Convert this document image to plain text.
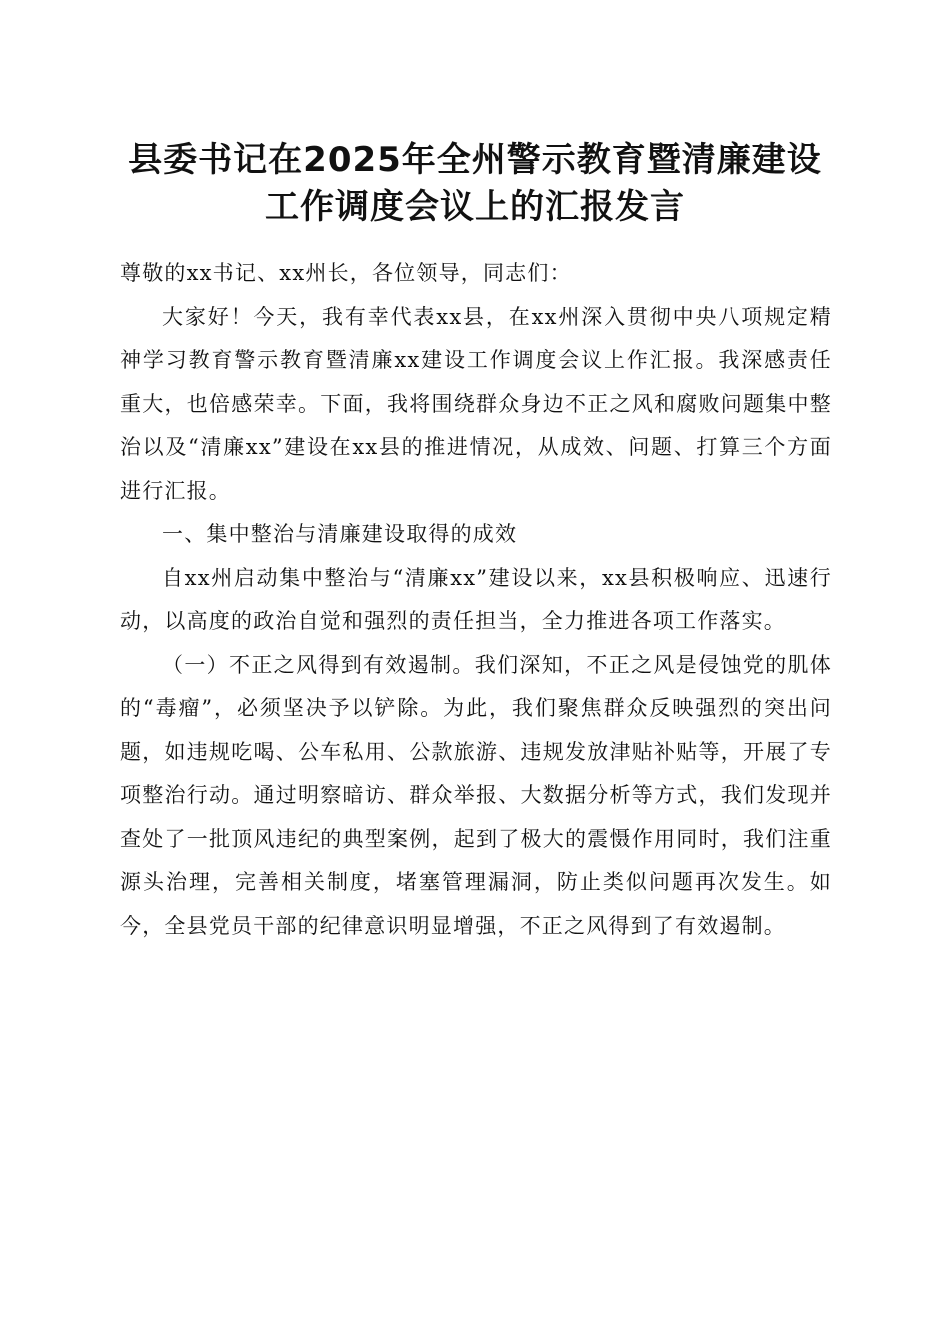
县委书记在2025年全州警示教育暨清廉建设
工作调度会议上的汇报发言

尊敬的xx书记、xx州长，各位领导，同志们：

大家好！今天，我有幸代表xx县，在xx州深入贯彻中央八项规定精神学习教育警示教育暨清廉xx建设工作调度会议上作汇报。我深感责任重大，也倍感荣幸。下面，我将围绕群众身边不正之风和腐败问题集中整治以及“清廉xx”建设在xx县的推进情况，从成效、问题、打算三个方面进行汇报。

一、集中整治与清廉建设取得的成效

自xx州启动集中整治与“清廉xx”建设以来，xx县积极响应、迅速行动，以高度的政治自觉和强烈的责任担当，全力推进各项工作落实。

（一）不正之风得到有效遏制。我们深知，不正之风是侵蚀党的肌体的“毒瘤”，必须坚决予以铲除。为此，我们聚焦群众反映强烈的突出问题，如违规吃喝、公车私用、公款旅游、违规发放津贴补贴等，开展了专项整治行动。通过明察暗访、群众举报、大数据分析等方式，我们发现并查处了一批顶风违纪的典型案例，起到了极大的震慑作用同时，我们注重源头治理，完善相关制度，堵塞管理漏洞，防止类似问题再次发生。如今，全县党员干部的纪律意识明显增强，不正之风得到了有效遏制。
